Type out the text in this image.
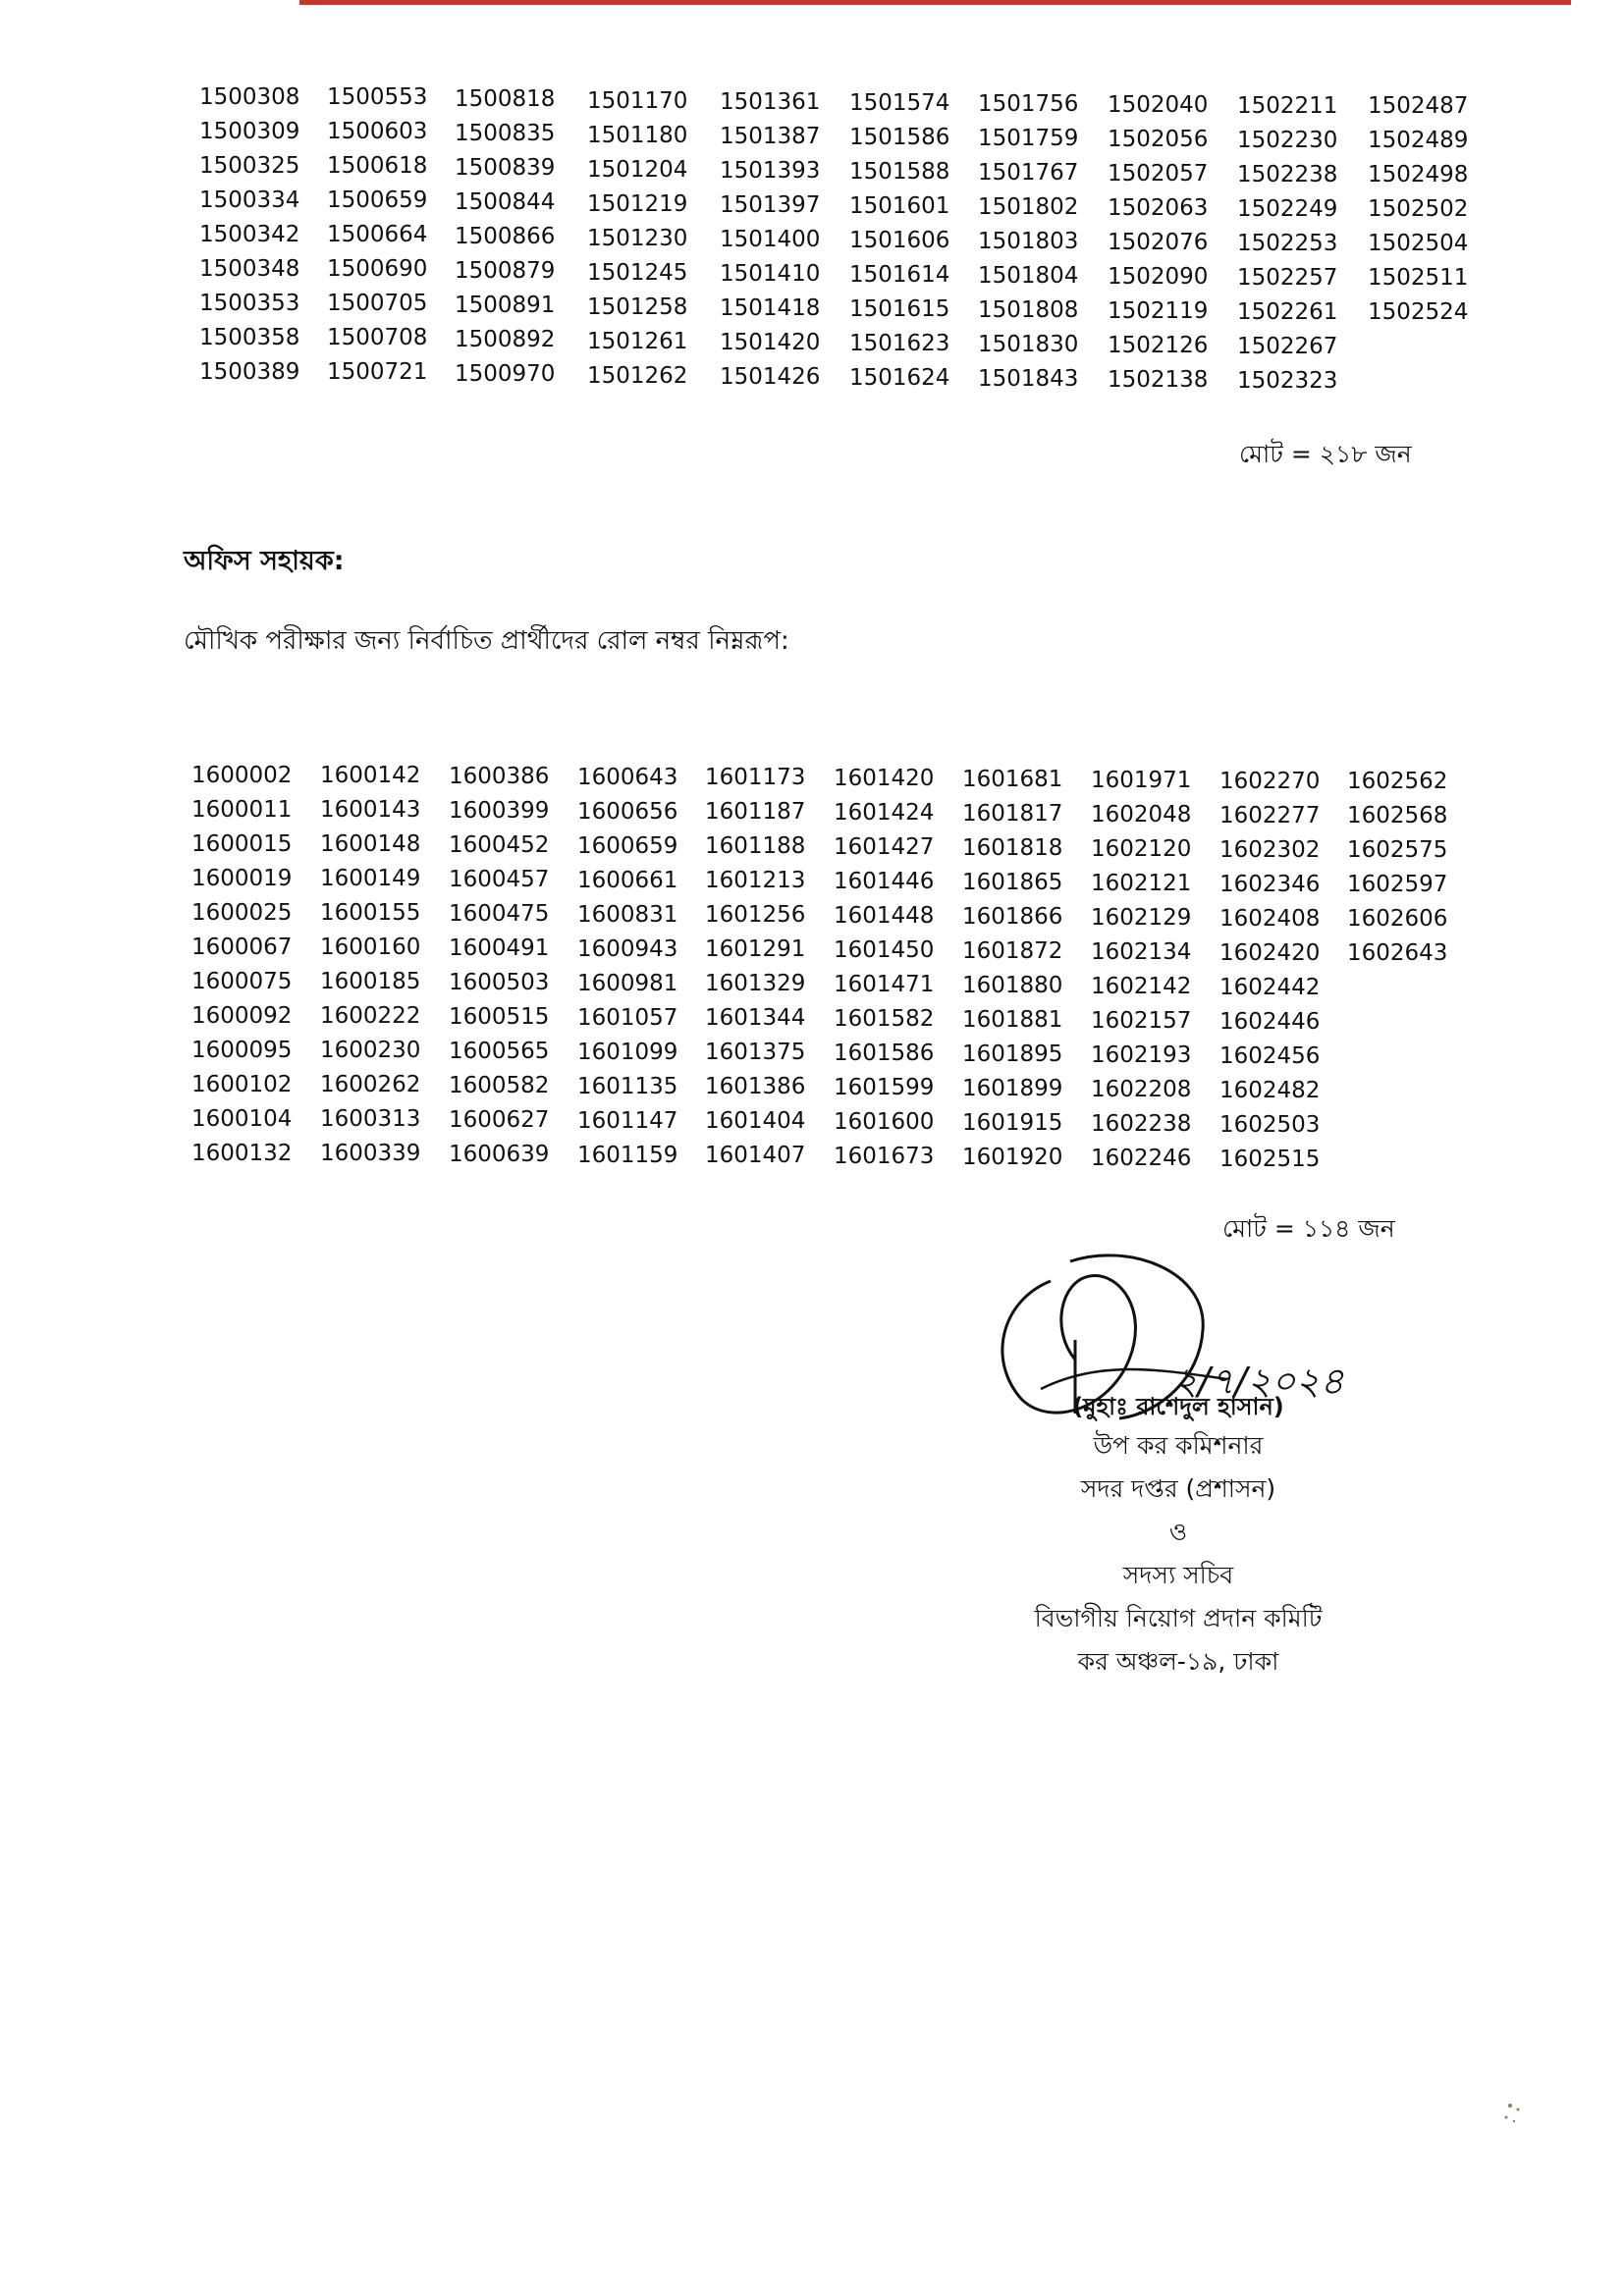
1500308
1500309
1500325
1500334
1500342
1500348
1500353
1500358
1500389
1500553
1500603
1500618
1500659
1500664
1500690
1500705
1500708
1500721
1500818
1500835
1500839
1500844
1500866
1500879
1500891
1500892
1500970
1501170
1501180
1501204
1501219
1501230
1501245
1501258
1501261
1501262
1501361
1501387
1501393
1501397
1501400
1501410
1501418
1501420
1501426
1501574
1501586
1501588
1501601
1501606
1501614
1501615
1501623
1501624
1501756
1501759
1501767
1501802
1501803
1501804
1501808
1501830
1501843
1502040
1502056
1502057
1502063
1502076
1502090
1502119
1502126
1502138
1502211
1502230
1502238
1502249
1502253
1502257
1502261
1502267
1502323
1502487
1502489
1502498
1502502
1502504
1502511
1502524
মোট = ২১৮ জন
অফিস সহায়ক:
মৌখিক পরীক্ষার জন্য নির্বাচিত প্রার্থীদের রোল নম্বর নিম্নরূপ:
1600002
1600011
1600015
1600019
1600025
1600067
1600075
1600092
1600095
1600102
1600104
1600132
1600142
1600143
1600148
1600149
1600155
1600160
1600185
1600222
1600230
1600262
1600313
1600339
1600386
1600399
1600452
1600457
1600475
1600491
1600503
1600515
1600565
1600582
1600627
1600639
1600643
1600656
1600659
1600661
1600831
1600943
1600981
1601057
1601099
1601135
1601147
1601159
1601173
1601187
1601188
1601213
1601256
1601291
1601329
1601344
1601375
1601386
1601404
1601407
1601420
1601424
1601427
1601446
1601448
1601450
1601471
1601582
1601586
1601599
1601600
1601673
1601681
1601817
1601818
1601865
1601866
1601872
1601880
1601881
1601895
1601899
1601915
1601920
1601971
1602048
1602120
1602121
1602129
1602134
1602142
1602157
1602193
1602208
1602238
1602246
1602270
1602277
1602302
1602346
1602408
1602420
1602442
1602446
1602456
1602482
1602503
1602515
1602562
1602568
1602575
1602597
1602606
1602643
মোট = ১১৪ জন
২/৭/২০২৪
(মুহাঃ রাশেদুল হাসান)
উপ কর কমিশনার
সদর দপ্তর (প্রশাসন)
ও
সদস্য সচিব
বিভাগীয় নিয়োগ প্রদান কমিটি
কর অঞ্চল-১৯, ঢাকা
